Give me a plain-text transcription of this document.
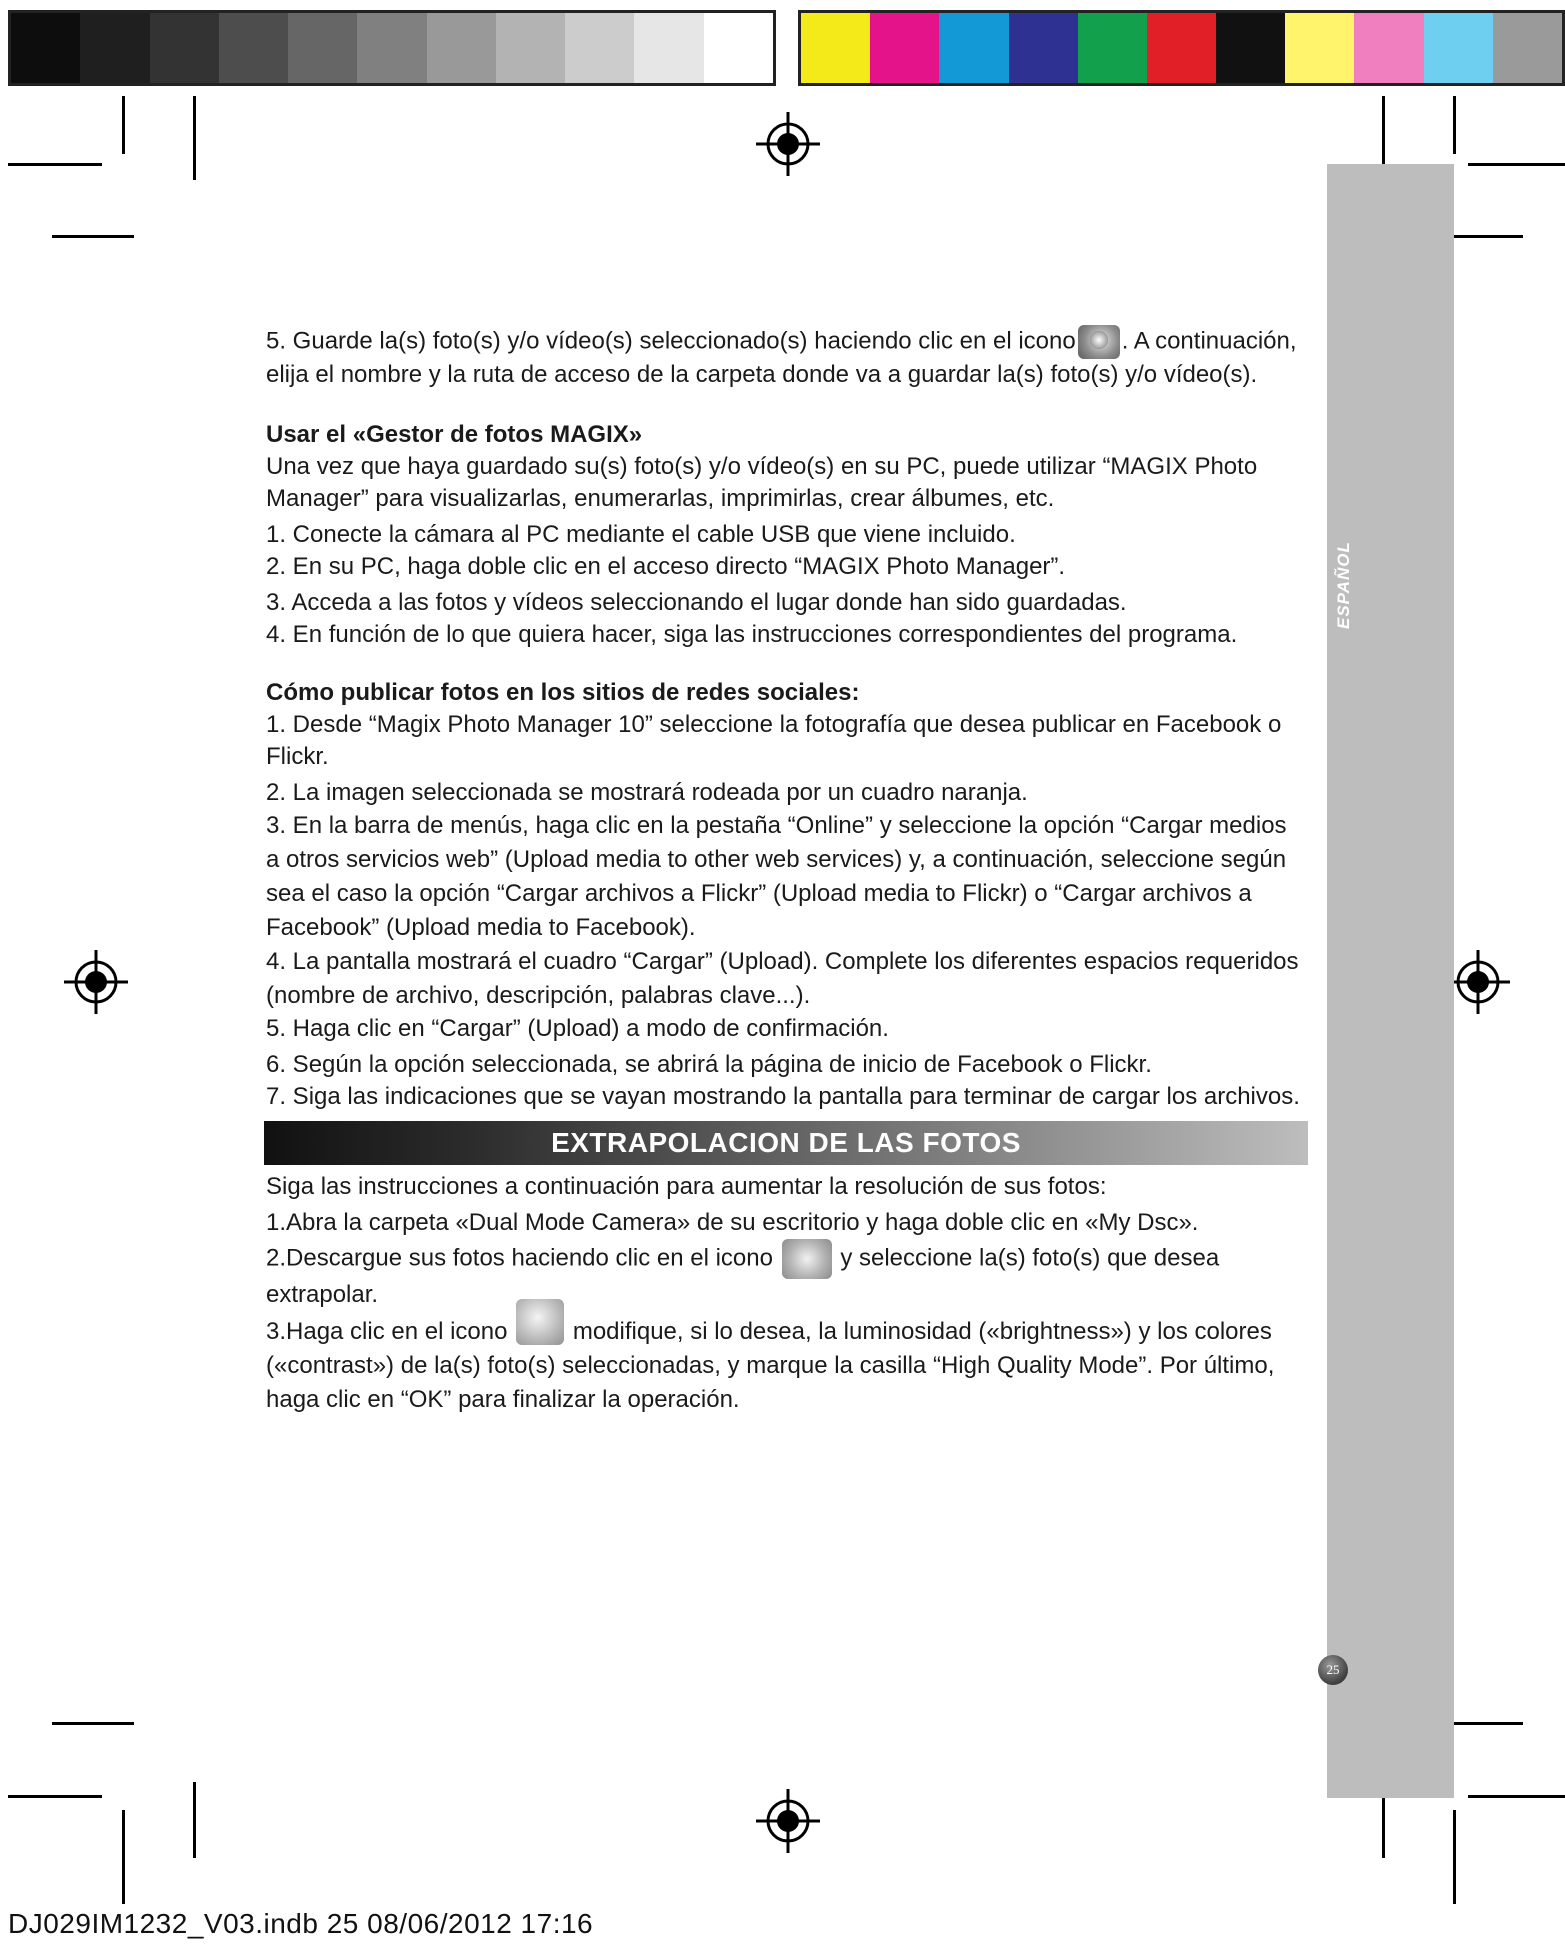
ESPAÑOL
25

5. Guarde la(s) foto(s) y/o vídeo(s) seleccionado(s) haciendo clic en el icono . A continuación,
elija el nombre y la ruta de acceso de la carpeta donde va a guardar la(s) foto(s) y/o vídeo(s).

Usar el «Gestor de fotos MAGIX»

Una vez que haya guardado su(s) foto(s) y/o vídeo(s) en su PC, puede utilizar “MAGIX Photo Manager” para visualizarlas, enumerarlas, imprimirlas, crear álbumes, etc.

1. Conecte la cámara al PC mediante el cable USB que viene incluido.

2. En su PC, haga doble clic en el acceso directo “MAGIX Photo Manager”.

3. Acceda a las fotos y vídeos seleccionando el lugar donde han sido guardadas.

4. En función de lo que quiera hacer, siga las instrucciones correspondientes del programa.

Cómo publicar fotos en los sitios de redes sociales:

1. Desde “Magix Photo Manager 10” seleccione la fotografía que desea publicar en Facebook o Flickr.

2. La imagen seleccionada se mostrará rodeada por un cuadro naranja.

3. En la barra de menús, haga clic en la pestaña “Online” y seleccione la opción “Cargar medios a otros servicios web” (Upload media to other web services) y, a continuación, seleccione según sea el caso la opción “Cargar archivos a Flickr” (Upload media to Flickr) o “Cargar archivos a Facebook” (Upload media to Facebook).

4. La pantalla mostrará el cuadro “Cargar” (Upload). Complete los diferentes espacios requeridos (nombre de archivo, descripción, palabras clave...).

5. Haga clic en “Cargar” (Upload) a modo de confirmación.

6. Según la opción seleccionada, se abrirá la página de inicio de Facebook o Flickr.

7. Siga las indicaciones que se vayan mostrando la pantalla para terminar de cargar los archivos.

EXTRAPOLACION DE LAS FOTOS

Siga las instrucciones a continuación para aumentar la resolución de sus fotos:

1.Abra la carpeta «Dual Mode Camera» de su escritorio y haga doble clic en «My Dsc».

2.Descargue sus fotos haciendo clic en el icono	y seleccione la(s) foto(s) que desea extrapolar.

3.Haga clic en el icono	modifique, si lo desea, la luminosidad («brightness») y los colores («contrast») de la(s) foto(s) seleccionadas, y marque la casilla “High Quality Mode”. Por último, haga clic en “OK” para finalizar la operación.

DJ029IM1232_V03.indb 25 08/06/2012 17:16
